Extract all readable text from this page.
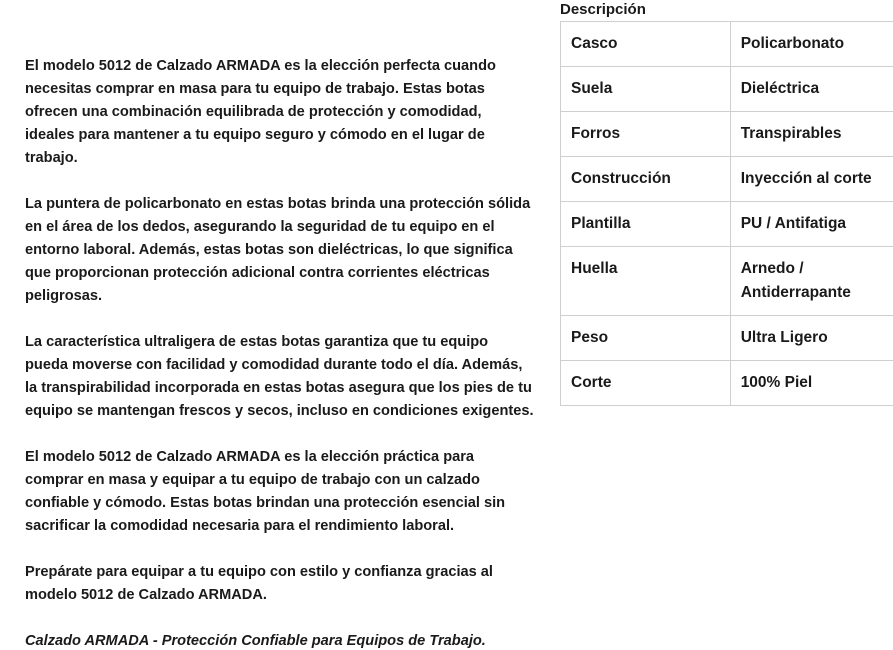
El modelo 5012 de Calzado ARMADA es la elección perfecta cuando necesitas comprar en masa para tu equipo de trabajo. Estas botas ofrecen una combinación equilibrada de protección y comodidad, ideales para mantener a tu equipo seguro y cómodo en el lugar de trabajo.

La puntera de policarbonato en estas botas brinda una protección sólida en el área de los dedos, asegurando la seguridad de tu equipo en el entorno laboral. Además, estas botas son dieléctricas, lo que significa que proporcionan protección adicional contra corrientes eléctricas peligrosas.

La característica ultraligera de estas botas garantiza que tu equipo pueda moverse con facilidad y comodidad durante todo el día. Además, la transpirabilidad incorporada en estas botas asegura que los pies de tu equipo se mantengan frescos y secos, incluso en condiciones exigentes.

El modelo 5012 de Calzado ARMADA es la elección práctica para comprar en masa y equipar a tu equipo de trabajo con un calzado confiable y cómodo. Estas botas brindan una protección esencial sin sacrificar la comodidad necesaria para el rendimiento laboral.

Prepárate para equipar a tu equipo con estilo y confianza gracias al modelo 5012 de Calzado ARMADA.

Calzado ARMADA - Protección Confiable para Equipos de Trabajo.

Descripción
Casco	Policarbonato
Suela	Dieléctrica
Forros	Transpirables
Construcción	Inyección al corte
Plantilla	PU / Antifatiga
Huella	Arnedo / Antiderrapante
Peso	Ultra Ligero
Corte	100% Piel
